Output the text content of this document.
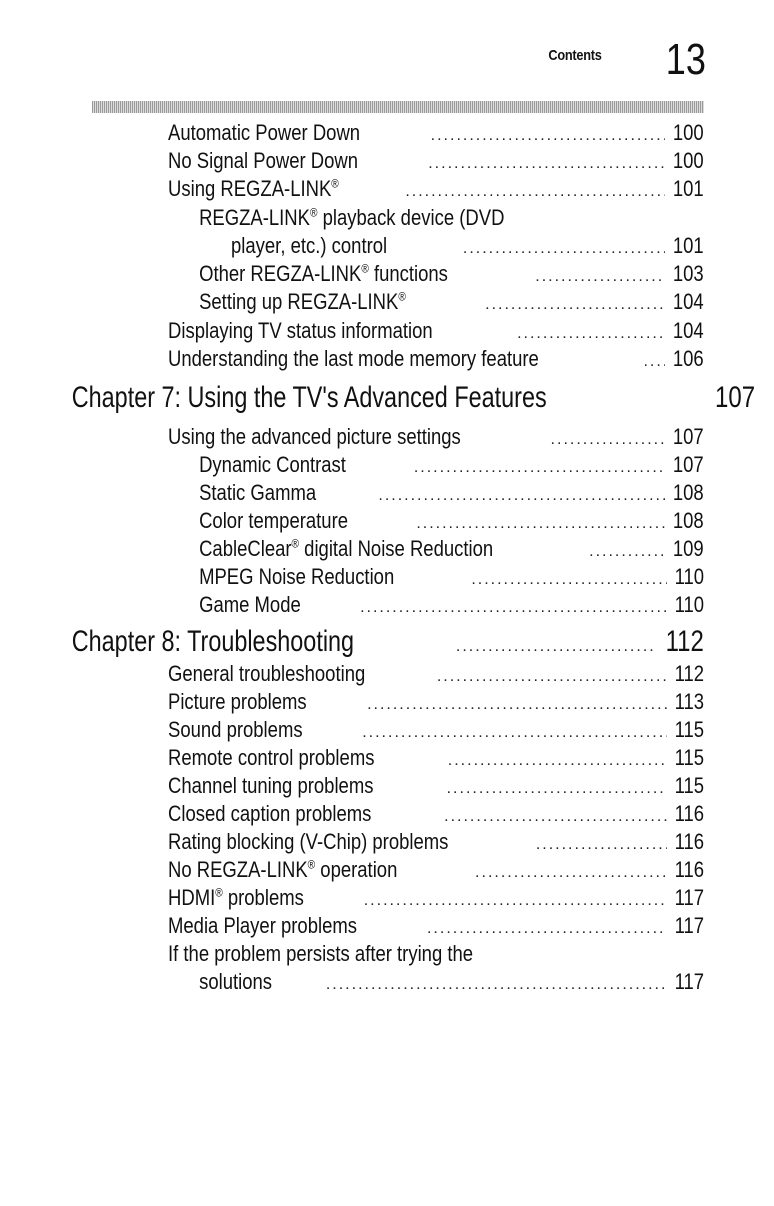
Contents 13
Automatic Power Down .....	100
No Signal Power Down .....	100
Using REGZA-LINK® .....	101
REGZA-LINK® playback device (DVD
player, etc.) control .....	101
Other REGZA-LINK® functions .....	103
Setting up REGZA-LINK® .....	104
Displaying TV status information .....	104
Understanding the last mode memory feature .....	106
Chapter 7: Using the TV's Advanced Features	107
Using the advanced picture settings .....	107
Dynamic Contrast .....	107
Static Gamma .....	108
Color temperature .....	108
CableClear® digital Noise Reduction .....	109
MPEG Noise Reduction .....	110
Game Mode .....	110
Chapter 8: Troubleshooting .....	112
General troubleshooting .....	112
Picture problems .....	113
Sound problems .....	115
Remote control problems .....	115
Channel tuning problems .....	115
Closed caption problems .....	116
Rating blocking (V-Chip) problems .....	116
No REGZA-LINK® operation .....	116
HDMI® problems .....	117
Media Player problems .....	117
If the problem persists after trying the
solutions .....	117
